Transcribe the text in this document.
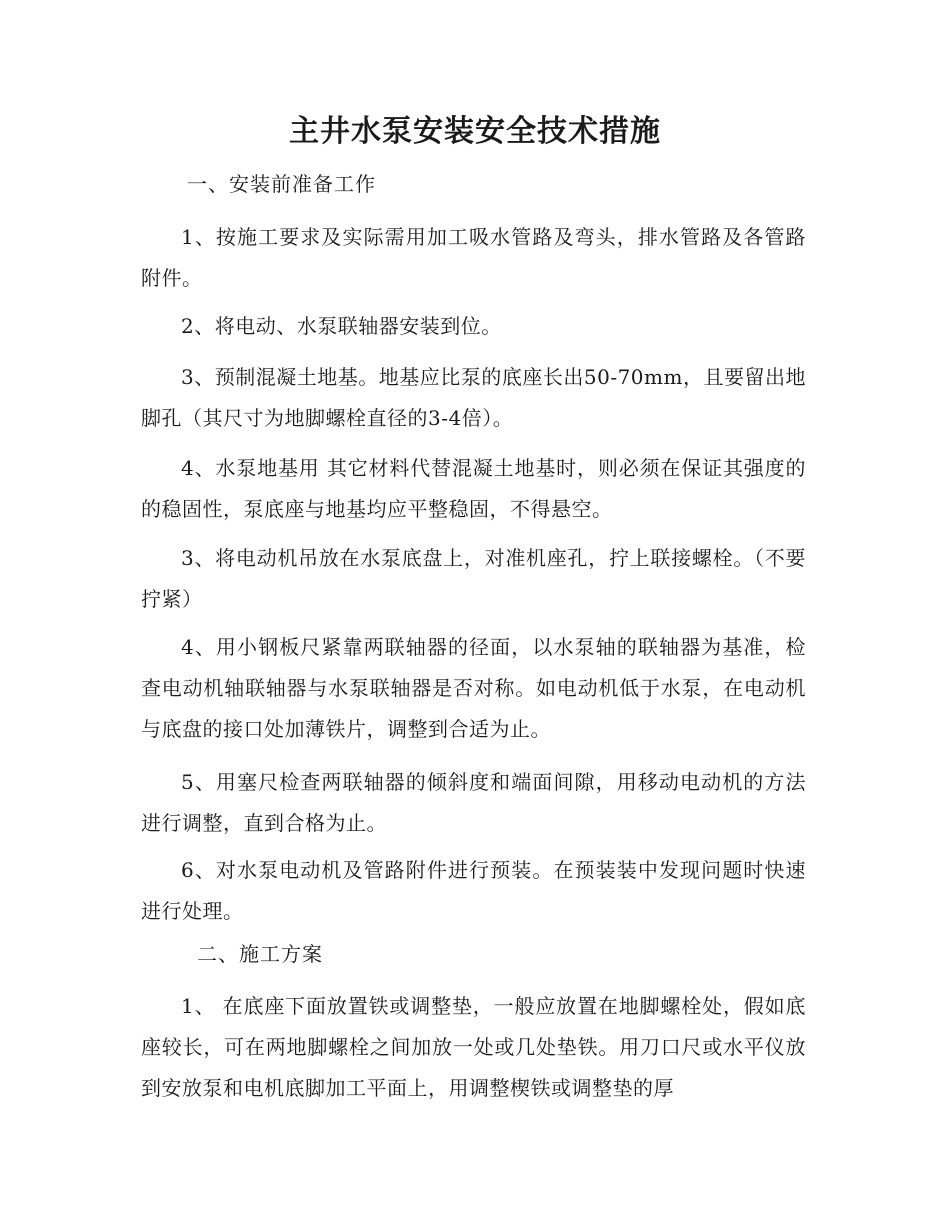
主井水泵安装安全技术措施

一、安装前准备工作

1、按施工要求及实际需用加工吸水管路及弯头，排水管路及各管路附件。

2、将电动、水泵联轴器安装到位。

3、预制混凝土地基。地基应比泵的底座长出50-70mm，且要留出地脚孔（其尺寸为地脚螺栓直径的3-4倍）。

4、水泵地基用 其它材料代替混凝土地基时，则必须在保证其强度的的稳固性，泵底座与地基均应平整稳固，不得悬空。

3、将电动机吊放在水泵底盘上，对准机座孔，拧上联接螺栓。（不要拧紧）

4、用小钢板尺紧靠两联轴器的径面，以水泵轴的联轴器为基准，检查电动机轴联轴器与水泵联轴器是否对称。如电动机低于水泵，在电动机与底盘的接口处加薄铁片，调整到合适为止。

5、用塞尺检查两联轴器的倾斜度和端面间隙，用移动电动机的方法进行调整，直到合格为止。

6、对水泵电动机及管路附件进行预装。在预装装中发现问题时快速进行处理。

二、施工方案

1、 在底座下面放置铁或调整垫，一般应放置在地脚螺栓处，假如底座较长，可在两地脚螺栓之间加放一处或几处垫铁。用刀口尺或水平仪放到安放泵和电机底脚加工平面上，用调整楔铁或调整垫的厚
